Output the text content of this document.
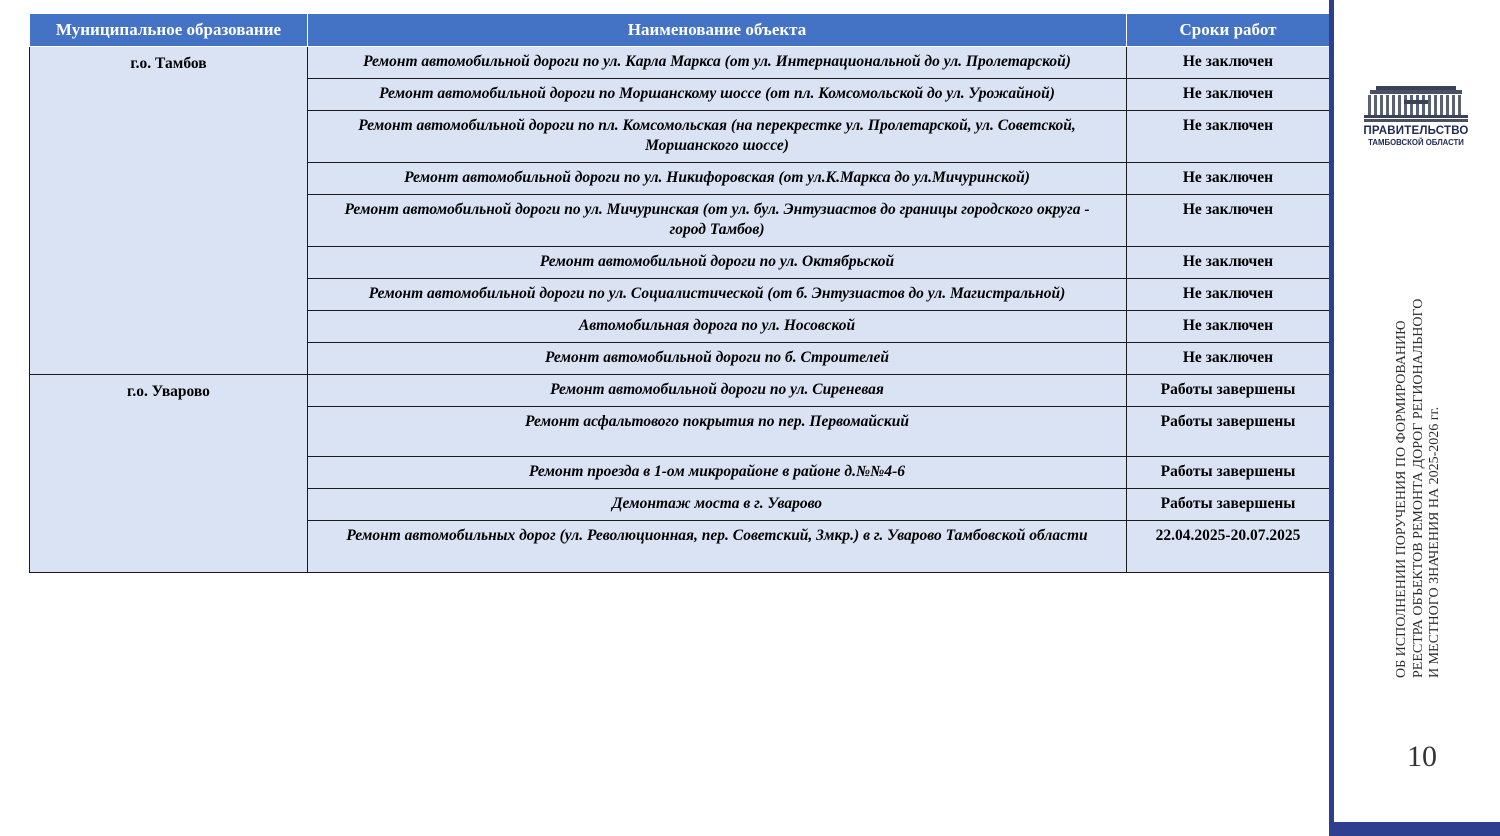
Муниципальное образование	Наименование объекта	Сроки работ
г.о. Тамбов	Ремонт автомобильной дороги по ул. Карла Маркса (от ул. Интернациональной до ул. Пролетарской)	Не заключен
	Ремонт автомобильной дороги по Моршанскому шоссе (от пл. Комсомольской до ул. Урожайной)	Не заключен
	Ремонт автомобильной дороги по пл. Комсомольская (на перекрестке ул. Пролетарской, ул. Советской, Моршанского шоссе)	Не заключен
	Ремонт автомобильной дороги по ул. Никифоровская (от ул.К.Маркса до ул.Мичуринской)	Не заключен
	Ремонт автомобильной дороги по ул. Мичуринская (от ул. бул. Энтузиастов до границы городского округа - город Тамбов)	Не заключен
	Ремонт автомобильной дороги по ул. Октябрьской	Не заключен
	Ремонт автомобильной дороги по ул. Социалистической (от б. Энтузиастов до ул. Магистральной)	Не заключен
	Автомобильная дорога по ул. Носовской	Не заключен
	Ремонт автомобильной дороги по б. Строителей	Не заключен
г.о. Уварово	Ремонт автомобильной дороги по ул. Сиреневая	Работы завершены
	Ремонт асфальтового покрытия по пер. Первомайский	Работы завершены
	Ремонт проезда в 1-ом микрорайоне в районе д.№№4-6	Работы завершены
	Демонтаж моста в г. Уварово	Работы завершены
	Ремонт автомобильных дорог (ул. Революционная, пер. Советский, 3мкр.) в г. Уварово Тамбовской области	22.04.2025-20.07.2025
ПРАВИТЕЛЬСТВО
ТАМБОВСКОЙ ОБЛАСТИ
ОБ ИСПОЛНЕНИИ ПОРУЧЕНИЯ ПО ФОРМИРОВАНИЮ РЕЕСТРА ОБЪЕКТОВ РЕМОНТА ДОРОГ РЕГИОНАЛЬНОГО И МЕСТНОГО ЗНАЧЕНИЯ НА 2025-2026 гг.
10
